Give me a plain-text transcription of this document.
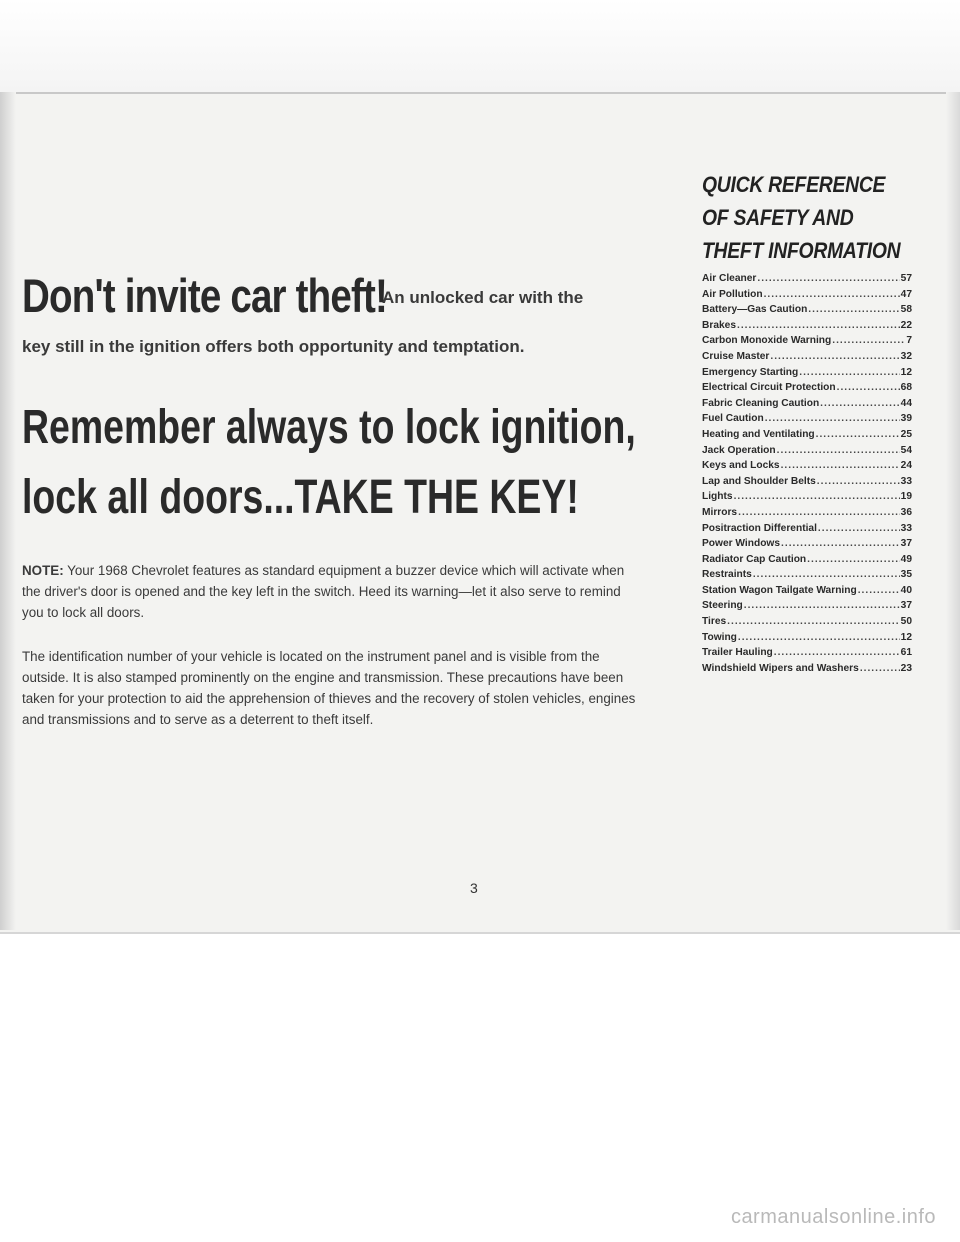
Don't invite car theft!
An unlocked car with the
key still in the ignition offers both opportunity and temptation.
Remember always to lock ignition,
lock all doors...TAKE THE KEY!
NOTE: Your 1968 Chevrolet features as standard equipment a buzzer device which will activate when the driver's door is opened and the key left in the switch. Heed its warning—let it also serve to remind you to lock all doors.
The identification number of your vehicle is located on the instrument panel and is visible from the outside. It is also stamped prominently on the engine and transmission. These precautions have been taken for your protection to aid the apprehension of thieves and the recovery of stolen vehicles, engines and transmissions and to serve as a deterrent to theft itself.
3
QUICK REFERENCE
OF SAFETY AND
THEFT INFORMATION
Air Cleaner .....	57
Air Pollution .....	47
Battery—Gas Caution .....	58
Brakes .....	22
Carbon Monoxide Warning .....	7
Cruise Master .....	32
Emergency Starting .....	12
Electrical Circuit Protection .....	68
Fabric Cleaning Caution .....	44
Fuel Caution .....	39
Heating and Ventilating .....	25
Jack Operation .....	54
Keys and Locks .....	24
Lap and Shoulder Belts .....	33
Lights .....	19
Mirrors .....	36
Positraction Differential .....	33
Power Windows .....	37
Radiator Cap Caution .....	49
Restraints .....	35
Station Wagon Tailgate Warning .....	40
Steering .....	37
Tires .....	50
Towing .....	12
Trailer Hauling .....	61
Windshield Wipers and Washers .....	23
carmanualsonline.info
